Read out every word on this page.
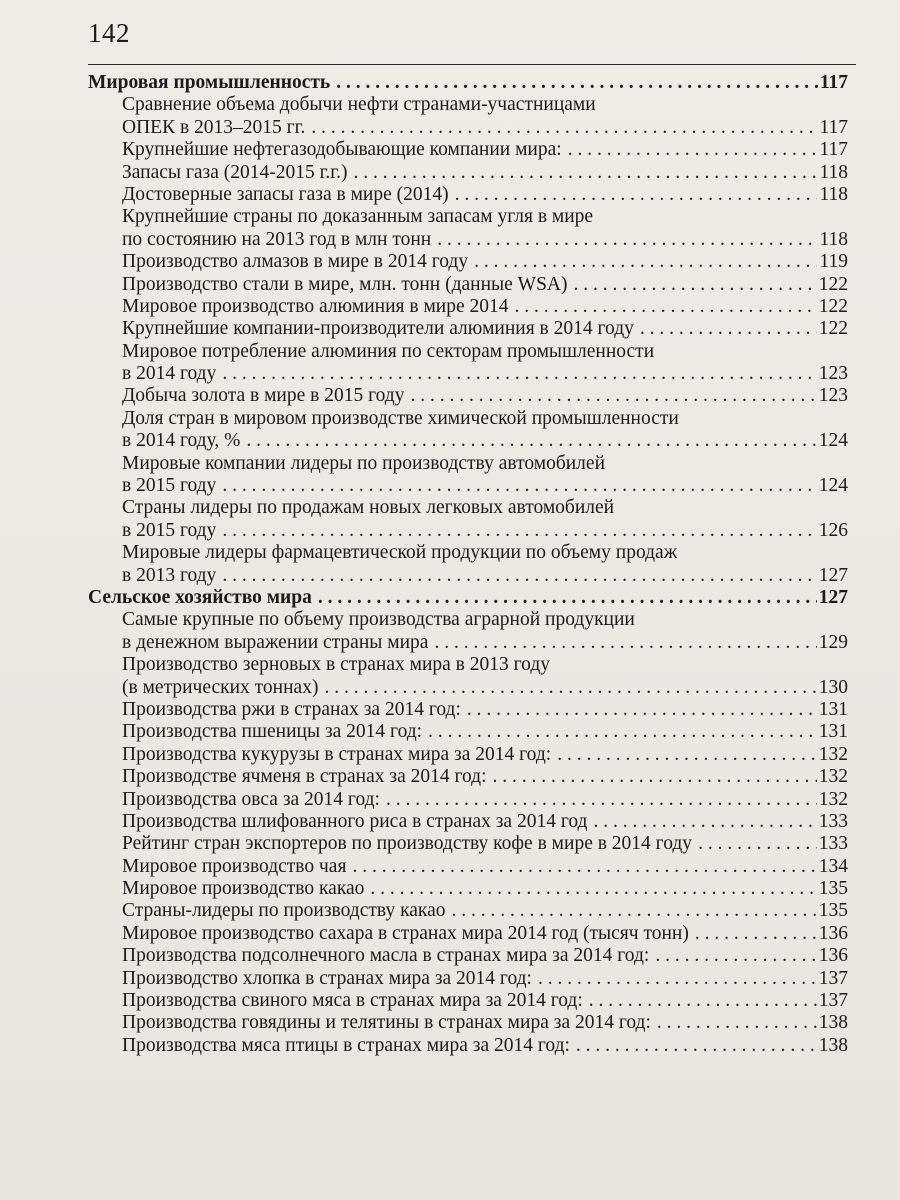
142
Мировая промышленность . . .	117
Сравнение объема добычи нефти странами-участницами
ОПЕК в 2013–2015 гг. . . .	117
Крупнейшие нефтегазодобывающие компании мира: . . .	117
Запасы газа (2014-2015 г.г.) . . .	118
Достоверные запасы газа в мире (2014) . . .	118
Крупнейшие страны по доказанным запасам угля в мире
по состоянию на 2013 год в млн тонн . . .	118
Производство алмазов в мире в 2014 году . . .	119
Производство стали в мире, млн. тонн (данные WSA) . . .	122
Мировое производство алюминия в мире 2014 . . .	122
Крупнейшие компании-производители алюминия в 2014 году . . .	122
Мировое потребление алюминия по секторам промышленности
в 2014 году . . .	123
Добыча золота в мире в 2015 году . . .	123
Доля стран в мировом производстве химической промышленности
в 2014 году, % . . .	124
Мировые компании лидеры по производству автомобилей
в 2015 году . . .	124
Страны лидеры по продажам новых легковых автомобилей
в 2015 году . . .	126
Мировые лидеры фармацевтической продукции по объему продаж
в 2013 году . . .	127
Сельское хозяйство мира . . .	127
Самые крупные по объему производства аграрной продукции
в денежном выражении страны мира . . .	129
Производство зерновых в странах мира в 2013 году
(в метрических тоннах) . . .	130
Производства ржи в странах за 2014 год: . . .	131
Производства пшеницы за 2014 год: . . .	131
Производства кукурузы в странах мира за 2014 год: . . .	132
Производстве ячменя в странах за 2014 год: . . .	132
Производства овса за 2014 год: . . .	132
Производства шлифованного риса в странах за 2014 год . . .	133
Рейтинг стран экспортеров по производству кофе в мире в 2014 году . . .	133
Мировое производство чая . . .	134
Мировое производство какао . . .	135
Страны-лидеры по производству какао . . .	135
Мировое производство сахара в странах мира 2014 год (тысяч тонн) . . .	136
Производства подсолнечного масла в странах мира за 2014 год: . . .	136
Производство хлопка в странах мира за 2014 год: . . .	137
Производства свиного мяса в странах мира за 2014 год: . . .	137
Производства говядины и телятины в странах мира за 2014 год: . . .	138
Производства мяса птицы в странах мира за 2014 год: . . .	138
